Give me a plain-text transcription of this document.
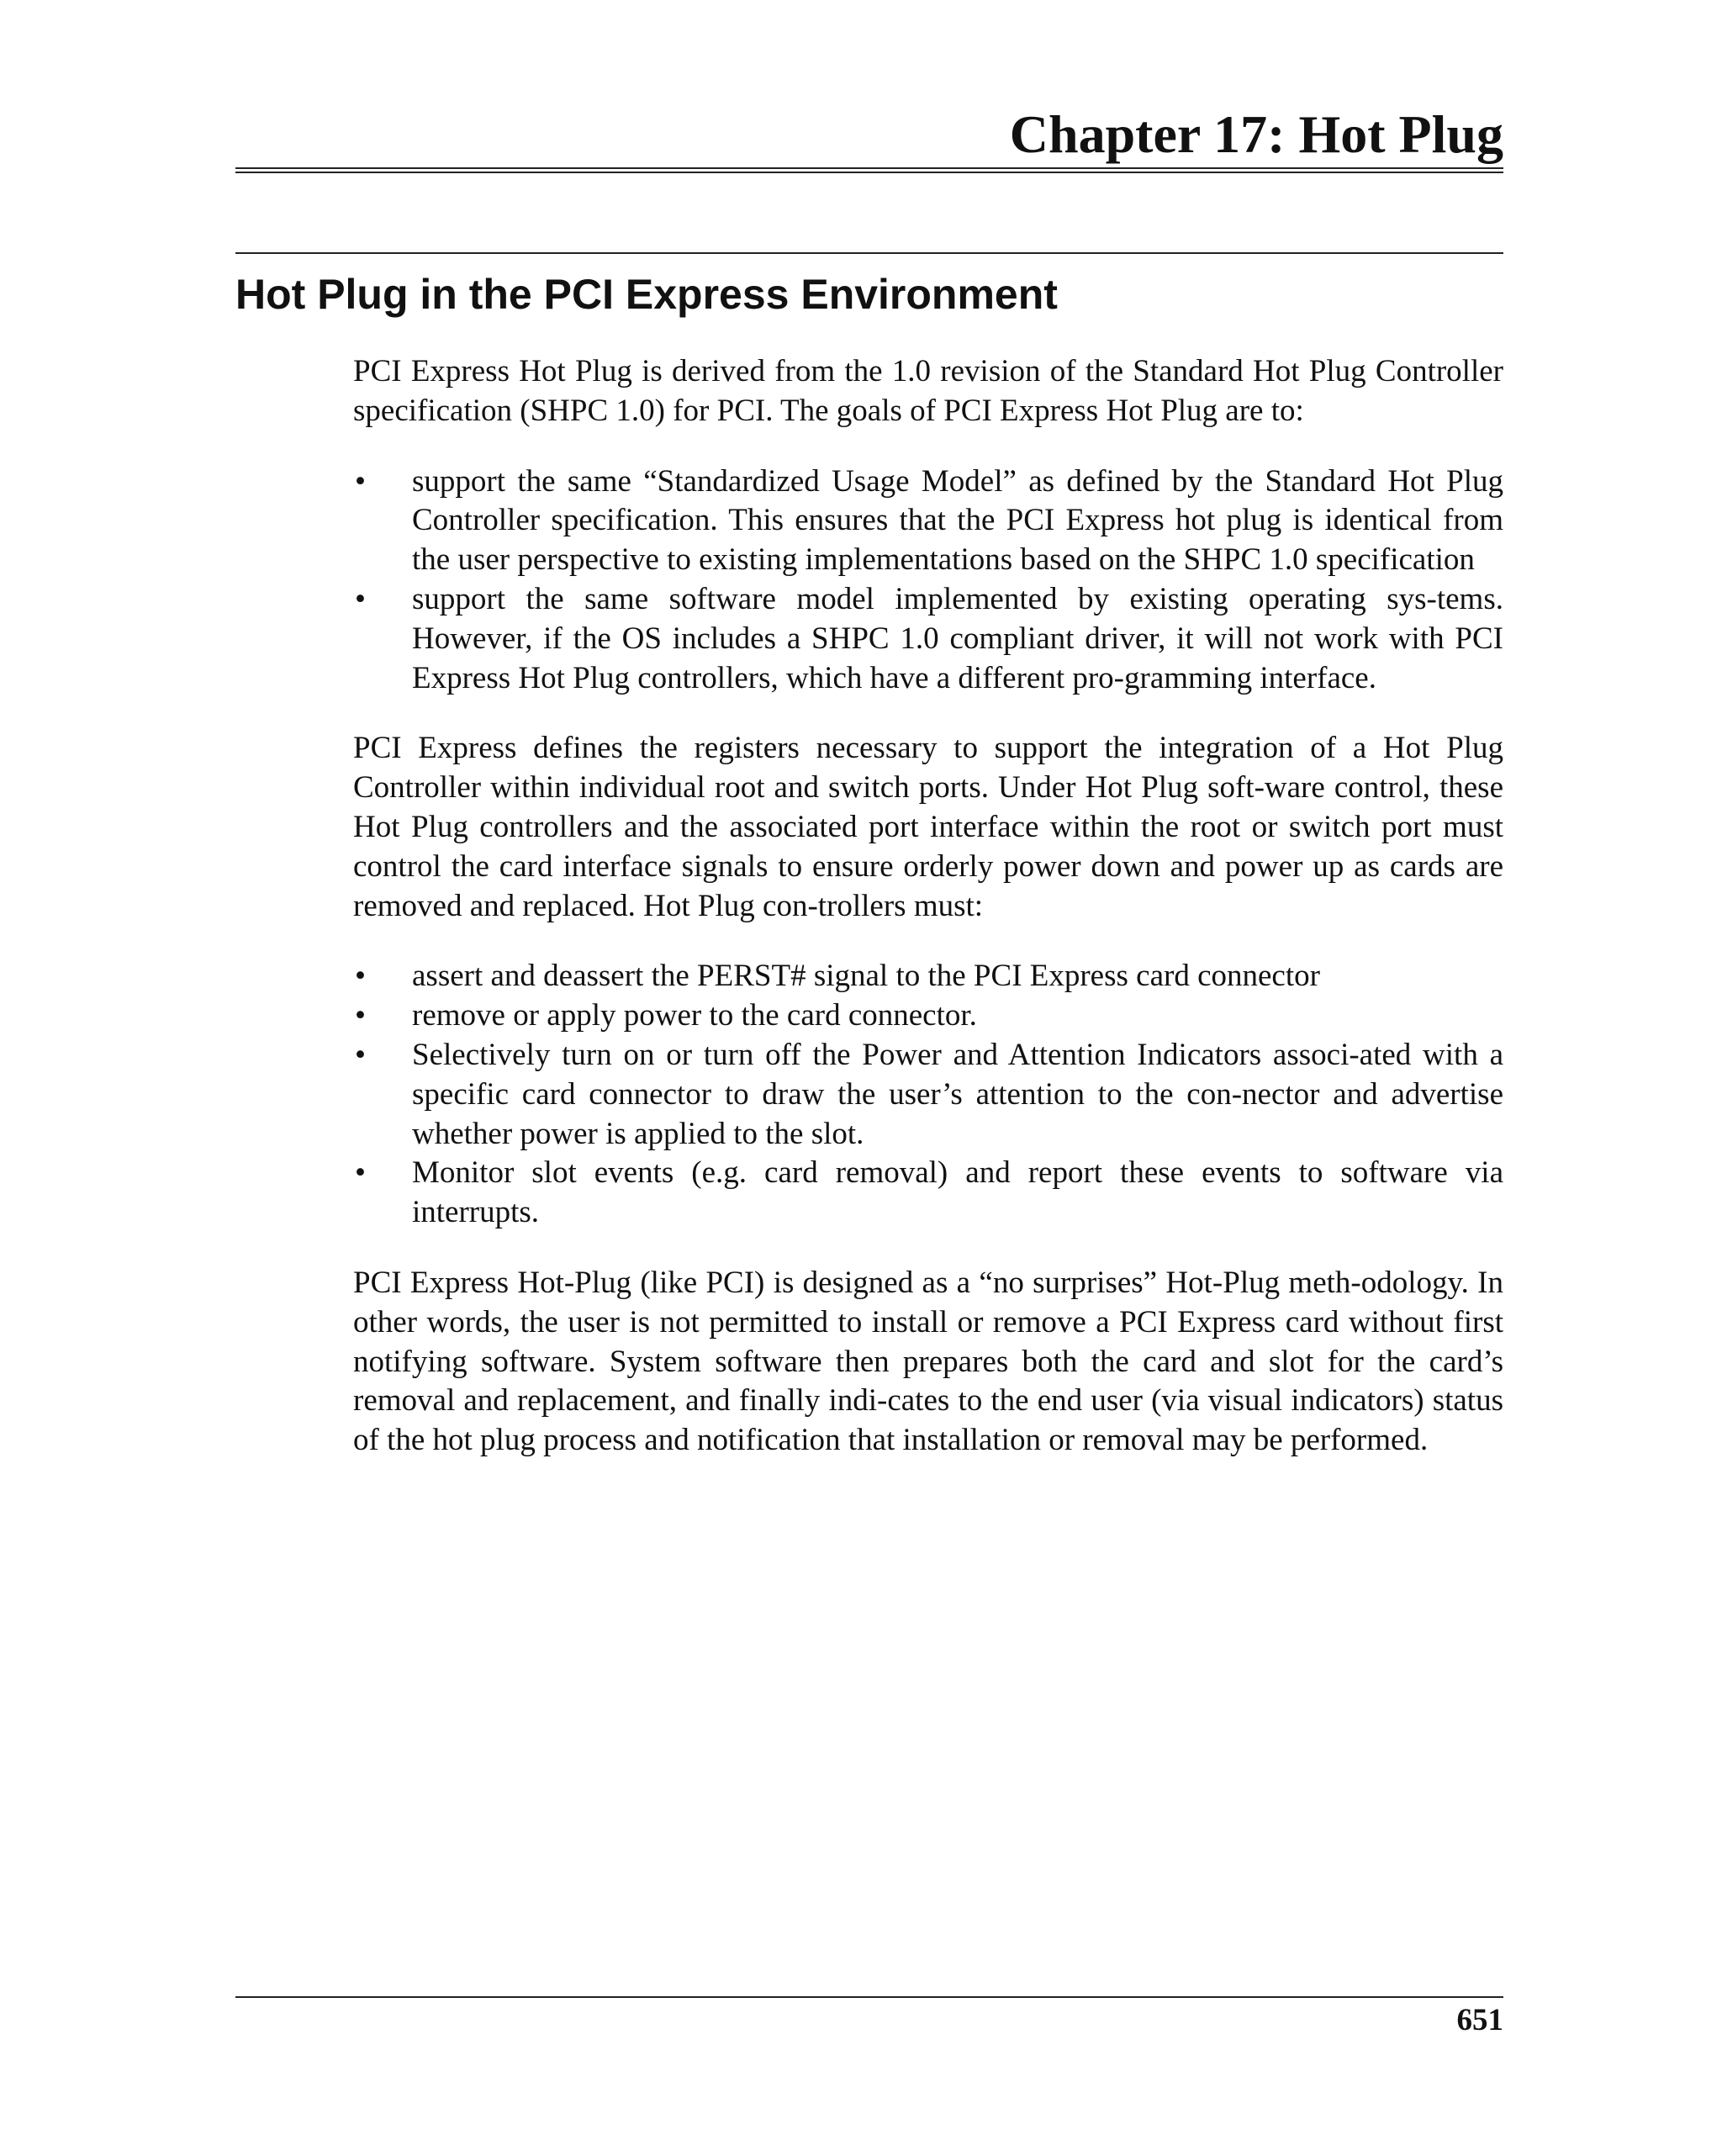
Chapter 17: Hot Plug
Hot Plug in the PCI Express Environment

PCI Express Hot Plug is derived from the 1.0 revision of the Standard Hot Plug Controller specification (SHPC 1.0) for PCI. The goals of PCI Express Hot Plug are to:

• support the same “Standardized Usage Model” as defined by the Standard Hot Plug Controller specification. This ensures that the PCI Express hot plug is identical from the user perspective to existing implementations based on the SHPC 1.0 specification
• support the same software model implemented by existing operating sys-tems. However, if the OS includes a SHPC 1.0 compliant driver, it will not work with PCI Express Hot Plug controllers, which have a different pro-gramming interface.

PCI Express defines the registers necessary to support the integration of a Hot Plug Controller within individual root and switch ports. Under Hot Plug soft-ware control, these Hot Plug controllers and the associated port interface within the root or switch port must control the card interface signals to ensure orderly power down and power up as cards are removed and replaced. Hot Plug con-trollers must:

• assert and deassert the PERST# signal to the PCI Express card connector
• remove or apply power to the card connector.
• Selectively turn on or turn off the Power and Attention Indicators associ-ated with a specific card connector to draw the user’s attention to the con-nector and advertise whether power is applied to the slot.
• Monitor slot events (e.g. card removal) and report these events to software via interrupts.

PCI Express Hot-Plug (like PCI) is designed as a “no surprises” Hot-Plug meth-odology. In other words, the user is not permitted to install or remove a PCI Express card without first notifying software. System software then prepares both the card and slot for the card’s removal and replacement, and finally indi-cates to the end user (via visual indicators) status of the hot plug process and notification that installation or removal may be performed.

651
